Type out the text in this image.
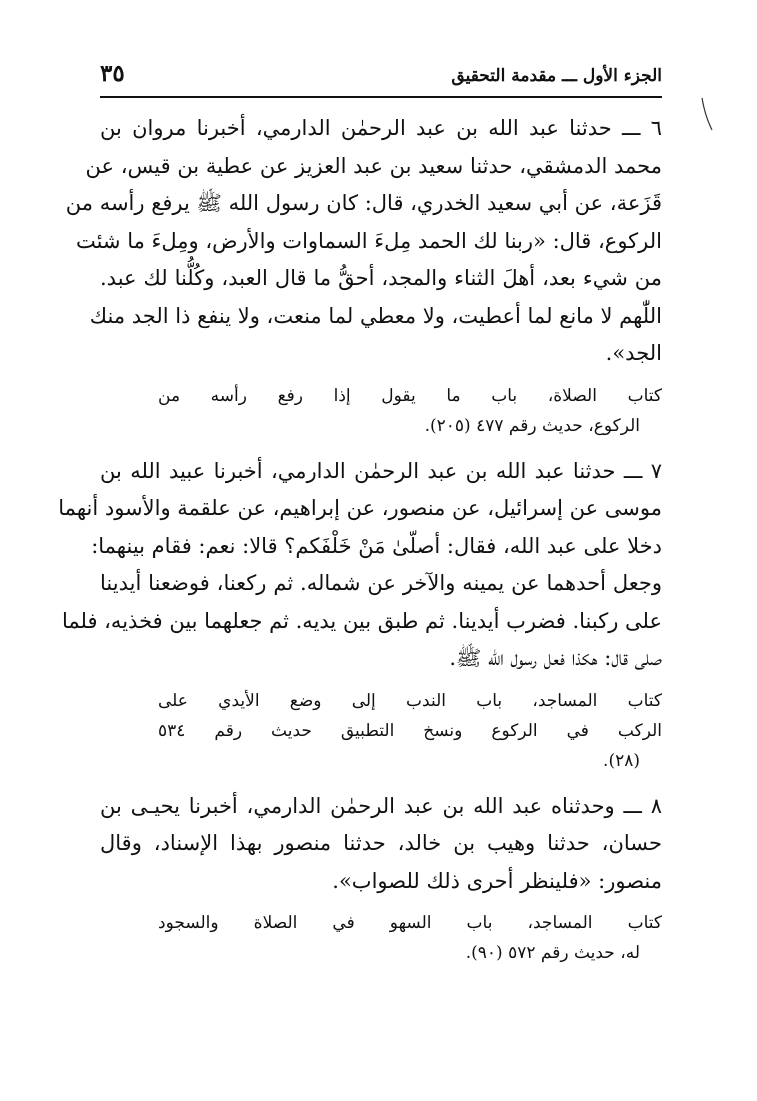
الجزء الأول ـــ مقدمة التحقيق
٣٥
٦ ـــ حدثنا عبد الله بن عبد الرحمٰن الدارمي، أخبرنا مروان بن
محمد الدمشقي، حدثنا سعيد بن عبد العزيز عن عطية بن قيس، عن
قَزَعة، عن أبي سعيد الخدري، قال: كان رسول الله ﷺ يرفع رأسه من
الركوع، قال: «ربنا لك الحمد مِلءَ السماوات والأرض، ومِلءَ ما شئت
من شيء بعد، أهلَ الثناء والمجد، أحقُّ ما قال العبد، وكُلُّنا لك عبد.
اللّٰهم لا مانع لما أعطيت، ولا معطي لما منعت، ولا ينفع ذا الجد منك
الجد».
كتاب الصلاة، باب ما يقول إذا رفع رأسه من
الركوع، حديث رقم ٤٧٧ (٢٠٥).
٧ ـــ حدثنا عبد الله بن عبد الرحمٰن الدارمي، أخبرنا عبيد الله بن
موسى عن إسرائيل، عن منصور، عن إبراهيم، عن علقمة والأسود أنهما
دخلا على عبد الله، فقال: أصلّىٰ مَنْ خَلْفَكم؟ قالا: نعم: فقام بينهما:
وجعل أحدهما عن يمينه والآخر عن شماله. ثم ركعنا، فوضعنا أيدينا
على ركبنا. فضرب أيدينا. ثم طبق بين يديه. ثم جعلهما بين فخذيه، فلما
صلى قال: هكذا فعل رسول الله ﷺ.
كتاب المساجد، باب الندب إلى وضع الأيدي على
الركب في الركوع ونسخ التطبيق حديث رقم ٥٣٤
(٢٨).
٨ ـــ وحدثناه عبد الله بن عبد الرحمٰن الدارمي، أخبرنا يحيـى بن
حسان، حدثنا وهيب بن خالد، حدثنا منصور بهذا الإسناد، وقال
منصور: «فلينظر أحرى ذلك للصواب».
كتاب المساجد، باب السهو في الصلاة والسجود
له، حديث رقم ٥٧٢ (٩٠).
